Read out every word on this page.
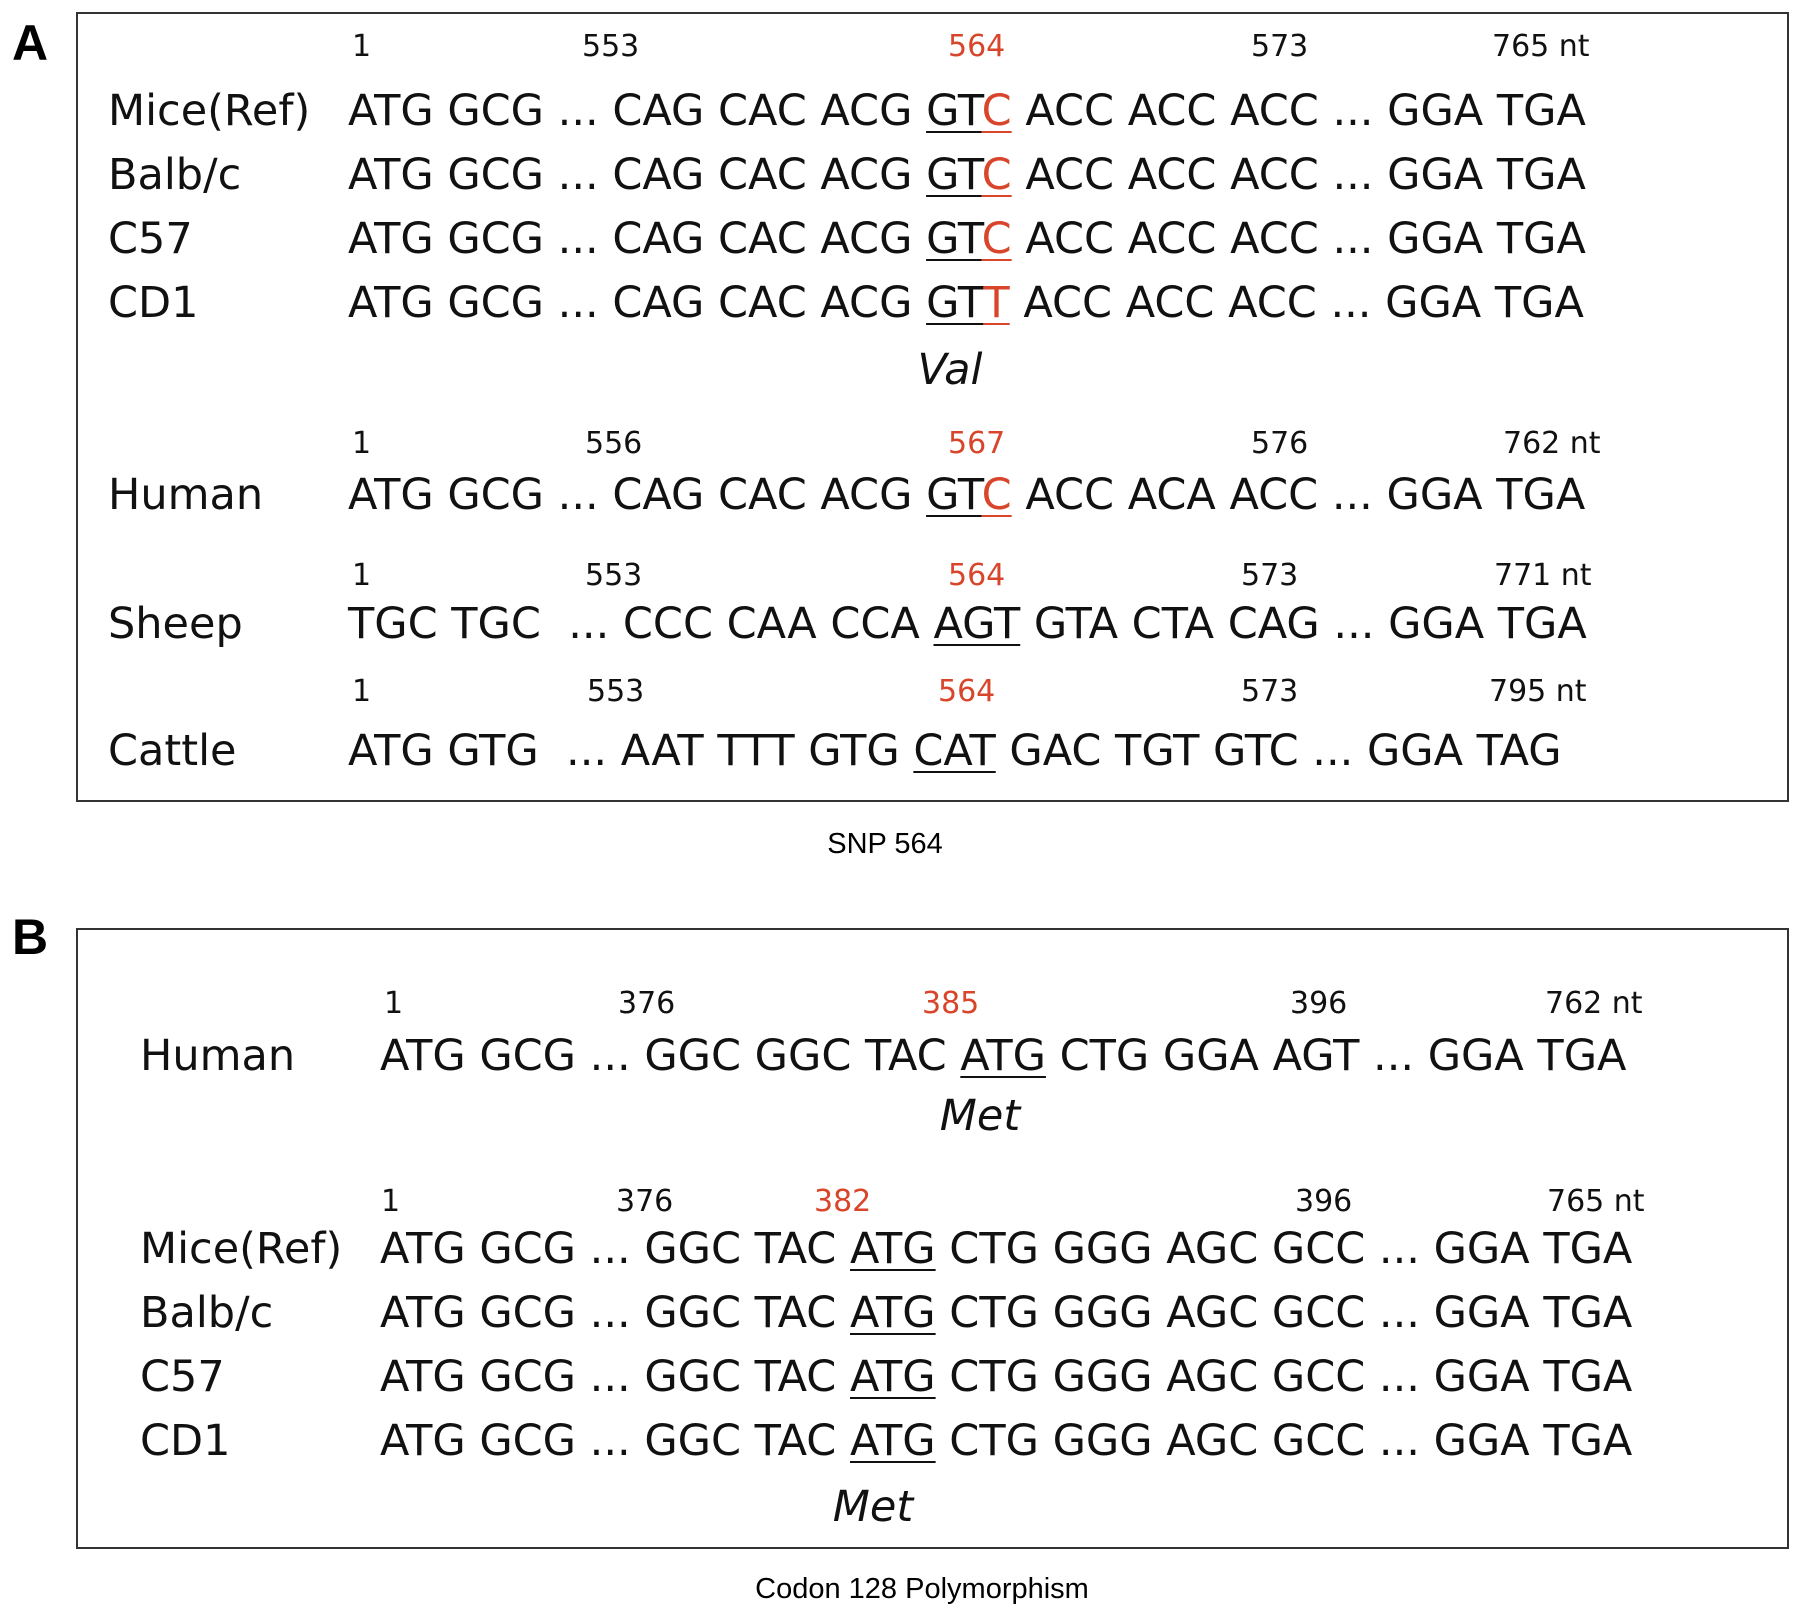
A	1	553	564	573	765 nt
Mice(Ref) ATG GCG ... CAG CAC ACG GTC ACC ACC ACC ... GGA TGA
Balb/c ATG GCG ... CAG CAC ACG GTC ACC ACC ACC ... GGA TGA
C57	ATG GCG ... CAG CAC ACG GTC ACC ACC ACC ... GGA TGA
CD1	ATG GCG ... CAG CAC ACG GTT ACC ACC ACC ... GGA TGA
Val
1	556	567	576	762 nt
Human ATG GCG ... CAG CAC ACG GTC ACC ACA ACC ... GGA TGA
1	553	564	573	771 nt
Sheep TGC TGC  ... CCC CAA CCA AGT GTA CTA CAG ... GGA TGA
1	553	564	573	795 nt
Cattle	ATG GTG  ... AAT TTT GTG CAT GAC TGT GTC ... GGA TAG
SNP 564
B
1	376	385	396	762 nt
Human ATG GCG ... GGC GGC TAC ATG CTG GGA AGT ... GGA TGA
Met
1	376	382	396	765 nt
Mice(Ref) ATG GCG ... GGC TAC ATG CTG GGG AGC GCC ... GGA TGA
Balb/c ATG GCG ... GGC TAC ATG CTG GGG AGC GCC ... GGA TGA
C57	ATG GCG ... GGC TAC ATG CTG GGG AGC GCC ... GGA TGA
CD1	ATG GCG ... GGC TAC ATG CTG GGG AGC GCC ... GGA TGA
Met
Codon 128 Polymorphism
